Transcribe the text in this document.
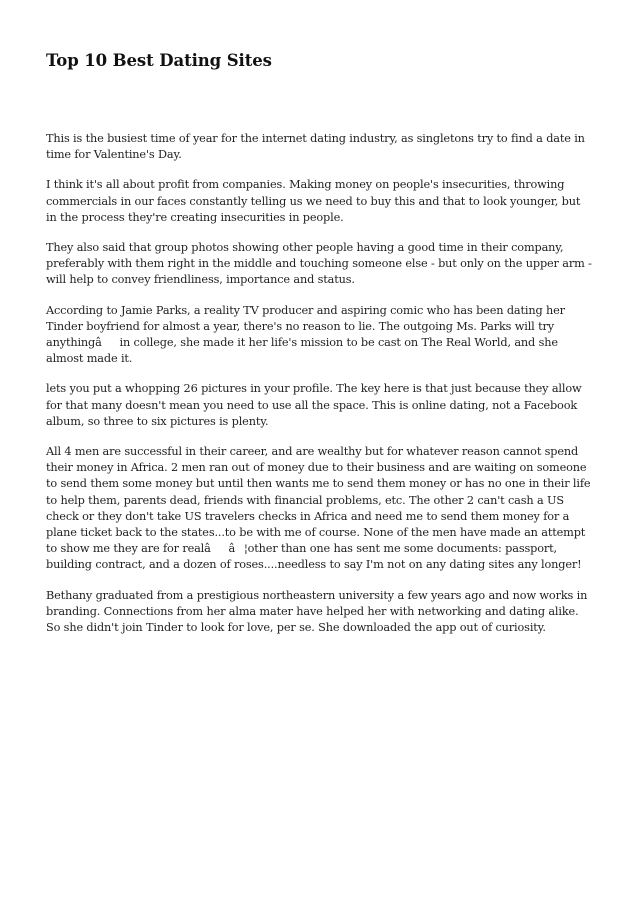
Top 10 Best Dating Sites

This is the busiest time of year for the internet dating industry, as singletons try to find a date in time for Valentine's Day.

I think it's all about profit from companies. Making money on people's insecurities, throwing commercials in our faces constantly telling us we need to buy this and that to look younger, but in the process they're creating insecurities in people.

They also said that group photos showing other people having a good time in their company, preferably with them right in the middle and touching someone else - but only on the upper arm - will help to convey friendliness, importance and status.

According to Jamie Parks, a reality TV producer and aspiring comic who has been dating her Tinder boyfriend for almost a year, there's no reason to lie. The outgoing Ms. Parks will try anythingâin college, she made it her life's mission to be cast on The Real World, and she almost made it.

lets you put a whopping 26 pictures in your profile. The key here is that just because they allow for that many doesn't mean you need to use all the space. This is online dating, not a Facebook album, so three to six pictures is plenty.

All 4 men are successful in their career, and are wealthy but for whatever reason cannot spend their money in Africa. 2 men ran out of money due to their business and are waiting on someone to send them some money but until then wants me to send them money or has no one in their life to help them, parents dead, friends with financial problems, etc. The other 2 can't cash a US check or they don't take US travelers checks in Africa and need me to send them money for a plane ticket back to the states...to be with me of course. None of the men have made an attempt to show me they are for realââ¦other than one has sent me some documents: passport, building contract, and a dozen of roses....needless to say I'm not on any dating sites any longer!

Bethany graduated from a prestigious northeastern university a few years ago and now works in branding. Connections from her alma mater have helped her with networking and dating alike. So she didn't join Tinder to look for love, per se. She downloaded the app out of curiosity.
